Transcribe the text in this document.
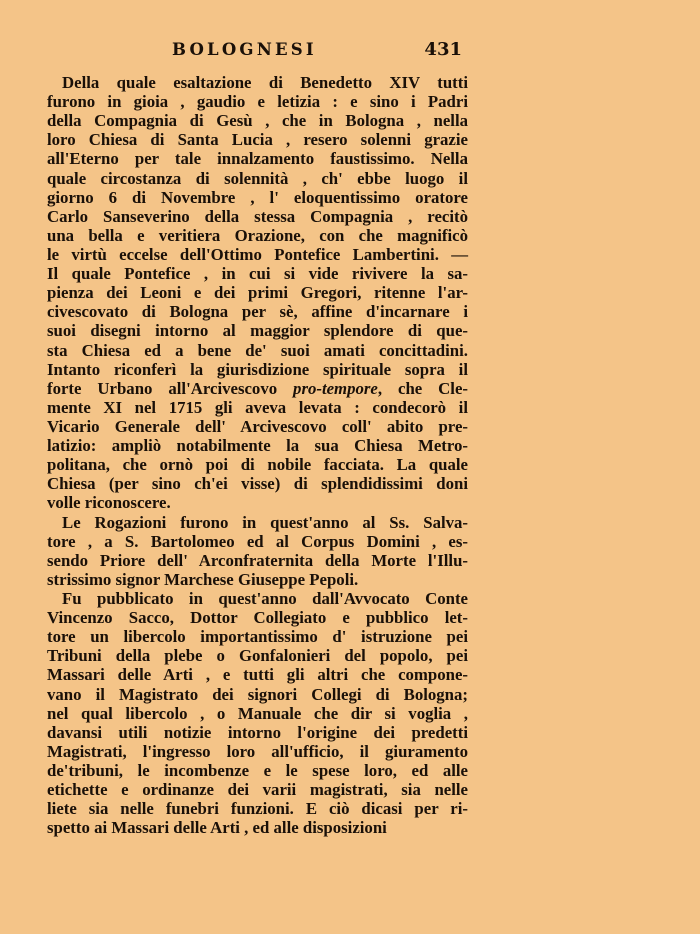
BOLOGNESI	431
Della quale esaltazione di Benedetto XIV tutti
furono in gioia , gaudio e letizia : e sino i Padri
della Compagnia di Gesù , che in Bologna , nella
loro Chiesa di Santa Lucia , resero solenni grazie
all'Eterno per tale innalzamento faustissimo. Nella
quale circostanza di solennità , ch' ebbe luogo il
giorno 6 di Novembre , l' eloquentissimo oratore
Carlo Sanseverino della stessa Compagnia , recitò
una bella e veritiera Orazione, con che magnificò
le virtù eccelse dell'Ottimo Pontefice Lambertini. —
Il quale Pontefice , in cui si vide rivivere la sa-
pienza dei Leoni e dei primi Gregori, ritenne l'ar-
civescovato di Bologna per sè, affine d'incarnare i
suoi disegni intorno al maggior splendore di que-
sta Chiesa ed a bene de' suoi amati concittadini.
Intanto riconferì la giurisdizione spirituale sopra il
forte Urbano all'Arcivescovo pro-tempore, che Cle-
mente XI nel 1715 gli aveva levata : condecorò il
Vicario Generale dell' Arcivescovo coll' abito pre-
latizio: ampliò notabilmente la sua Chiesa Metro-
politana, che ornò poi di nobile facciata. La quale
Chiesa (per sino ch'ei visse) di splendidissimi doni
volle riconoscere.
Le Rogazioni furono in quest'anno al Ss. Salva-
tore , a S. Bartolomeo ed al Corpus Domini , es-
sendo Priore dell' Arconfraternita della Morte l'Illu-
strissimo signor Marchese Giuseppe Pepoli.
Fu pubblicato in quest'anno dall'Avvocato Conte
Vincenzo Sacco, Dottor Collegiato e pubblico let-
tore un libercolo importantissimo d' istruzione pei
Tribuni della plebe o Gonfalonieri del popolo, pei
Massari delle Arti , e tutti gli altri che compone-
vano il Magistrato dei signori Collegi di Bologna;
nel qual libercolo , o Manuale che dir si voglia ,
davansi utili notizie intorno l'origine dei predetti
Magistrati, l'ingresso loro all'ufficio, il giuramento
de'tribuni, le incombenze e le spese loro, ed alle
etichette e ordinanze dei varii magistrati, sia nelle
liete sia nelle funebri funzioni. E ciò dicasi per ri-
spetto ai Massari delle Arti , ed alle disposizioni
